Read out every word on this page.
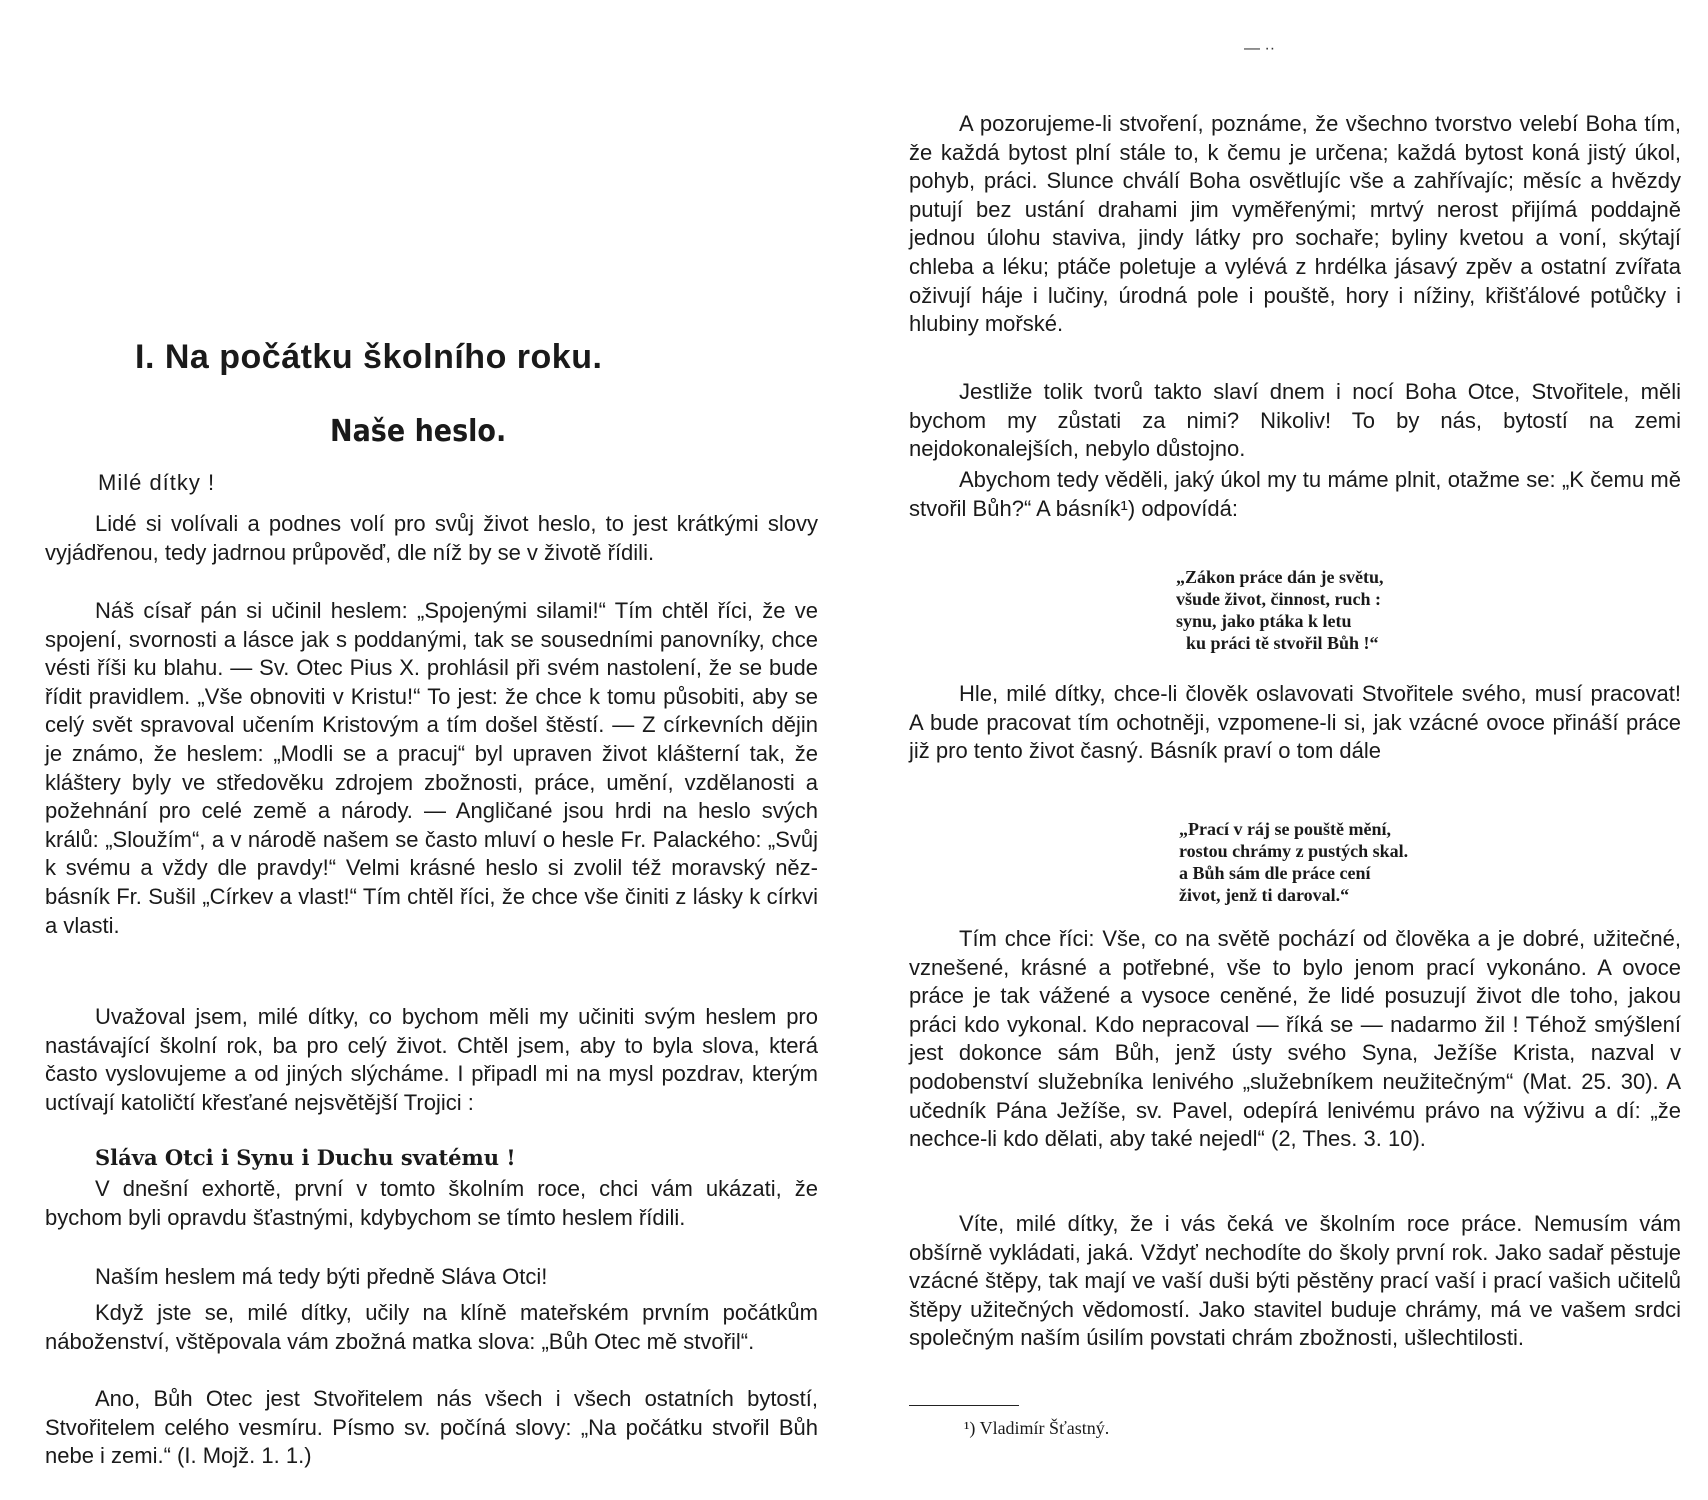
I. Na počátku školního roku.
Naše heslo.

Milé dítky !

Lidé si volívali a podnes volí pro svůj život heslo, to jest krátkými slovy vyjádřenou, tedy jadrnou průpověď, dle níž by se v životě řídili.

Náš císař pán si učinil heslem: „Spojenými silami!“ Tím chtěl říci, že ve spojení, svornosti a lásce jak s poddanými, tak se sousedními panovníky, chce vésti říši ku blahu. — Sv. Otec Pius X. prohlásil při svém nastolení, že se bude řídit pravidlem. „Vše obnoviti v Kristu!“ To jest: že chce k tomu působiti, aby se celý svět spravoval učením Kristovým a tím došel štěstí. — Z církevních dějin je známo, že heslem: „Modli se a pracuj“ byl upraven život klášterní tak, že kláštery byly ve středověku zdrojem zbožnosti, práce, umění, vzdělanosti a požehnání pro celé země a národy. — Angličané jsou hrdi na heslo svých králů: „Sloužím“, a v národě našem se často mluví o hesle Fr. Palackého: „Svůj k svému a vždy dle pravdy!“ Velmi krásné heslo si zvolil též moravský něz-básník Fr. Sušil „Církev a vlast!“ Tím chtěl říci, že chce vše činiti z lásky k církvi a vlasti.

Uvažoval jsem, milé dítky, co bychom měli my učiniti svým heslem pro nastávající školní rok, ba pro celý život. Chtěl jsem, aby to byla slova, která často vyslovujeme a od jiných slýcháme. I připadl mi na mysl pozdrav, kterým uctívají katoličtí křesťané nejsvětější Trojici :

Sláva Otci i Synu i Duchu svatému !

V dnešní exhortě, první v tomto školním roce, chci vám ukázati, že bychom byli opravdu šťastnými, kdybychom se tímto heslem řídili.

Naším heslem má tedy býti předně Sláva Otci!

Když jste se, milé dítky, učily na klíně mateřském prvním počátkům náboženství, vštěpovala vám zbožná matka slova: „Bůh Otec mě stvořil“.

Ano, Bůh Otec jest Stvořitelem nás všech i všech ostatních bytostí, Stvořitelem celého vesmíru. Písmo sv. počíná slovy: „Na počátku stvořil Bůh nebe i zemi.“ (I. Mojž. 1. 1.)

— ··

A pozorujeme-li stvoření, poznáme, že všechno tvorstvo velebí Boha tím, že každá bytost plní stále to, k čemu je určena; každá bytost koná jistý úkol, pohyb, práci. Slunce chválí Boha osvětlujíc vše a zahřívajíc; měsíc a hvězdy putují bez ustání drahami jim vyměřenými; mrtvý nerost přijímá poddajně jednou úlohu staviva, jindy látky pro sochaře; byliny kvetou a voní, skýtají chleba a léku; ptáče poletuje a vylévá z hrdélka jásavý zpěv a ostatní zvířata oživují háje i lučiny, úrodná pole i pouště, hory i nížiny, křišťálové potůčky i hlubiny mořské.

Jestliže tolik tvorů takto slaví dnem i nocí Boha Otce, Stvořitele, měli bychom my zůstati za nimi? Nikoliv! To by nás, bytostí na zemi nejdokonalejších, nebylo důstojno.

Abychom tedy věděli, jaký úkol my tu máme plnit, otažme se: „K čemu mě stvořil Bůh?“ A básník¹) odpovídá:

„Zákon práce dán je světu,

všude život, činnost, ruch :

synu, jako ptáka k letu

ku práci tě stvořil Bůh !“

Hle, milé dítky, chce-li člověk oslavovati Stvořitele svého, musí pracovat! A bude pracovat tím ochotněji, vzpomene-li si, jak vzácné ovoce přináší práce již pro tento život časný. Básník praví o tom dále

„Prací v ráj se pouště mění,

rostou chrámy z pustých skal.

a Bůh sám dle práce cení

život, jenž ti daroval.“

Tím chce říci: Vše, co na světě pochází od člověka a je dobré, užitečné, vznešené, krásné a potřebné, vše to bylo jenom prací vykonáno. A ovoce práce je tak vážené a vysoce ceněné, že lidé posuzují život dle toho, jakou práci kdo vykonal. Kdo nepracoval — říká se — nadarmo žil ! Téhož smýšlení jest dokonce sám Bůh, jenž ústy svého Syna, Ježíše Krista, nazval v podobenství služebníka lenivého „služebníkem neužitečným“ (Mat. 25. 30). A učedník Pána Ježíše, sv. Pavel, odepírá lenivému právo na výživu a dí: „že nechce-li kdo dělati, aby také nejedl“ (2, Thes. 3. 10).

Víte, milé dítky, že i vás čeká ve školním roce práce. Nemusím vám obšírně vykládati, jaká. Vždyť nechodíte do školy první rok. Jako sadař pěstuje vzácné štěpy, tak mají ve vaší duši býti pěstěny prací vaší i prací vašich učitelů štěpy užitečných vědomostí. Jako stavitel buduje chrámy, má ve vašem srdci společným naším úsilím povstati chrám zbožnosti, ušlechtilosti.

¹) Vladimír Šťastný.
